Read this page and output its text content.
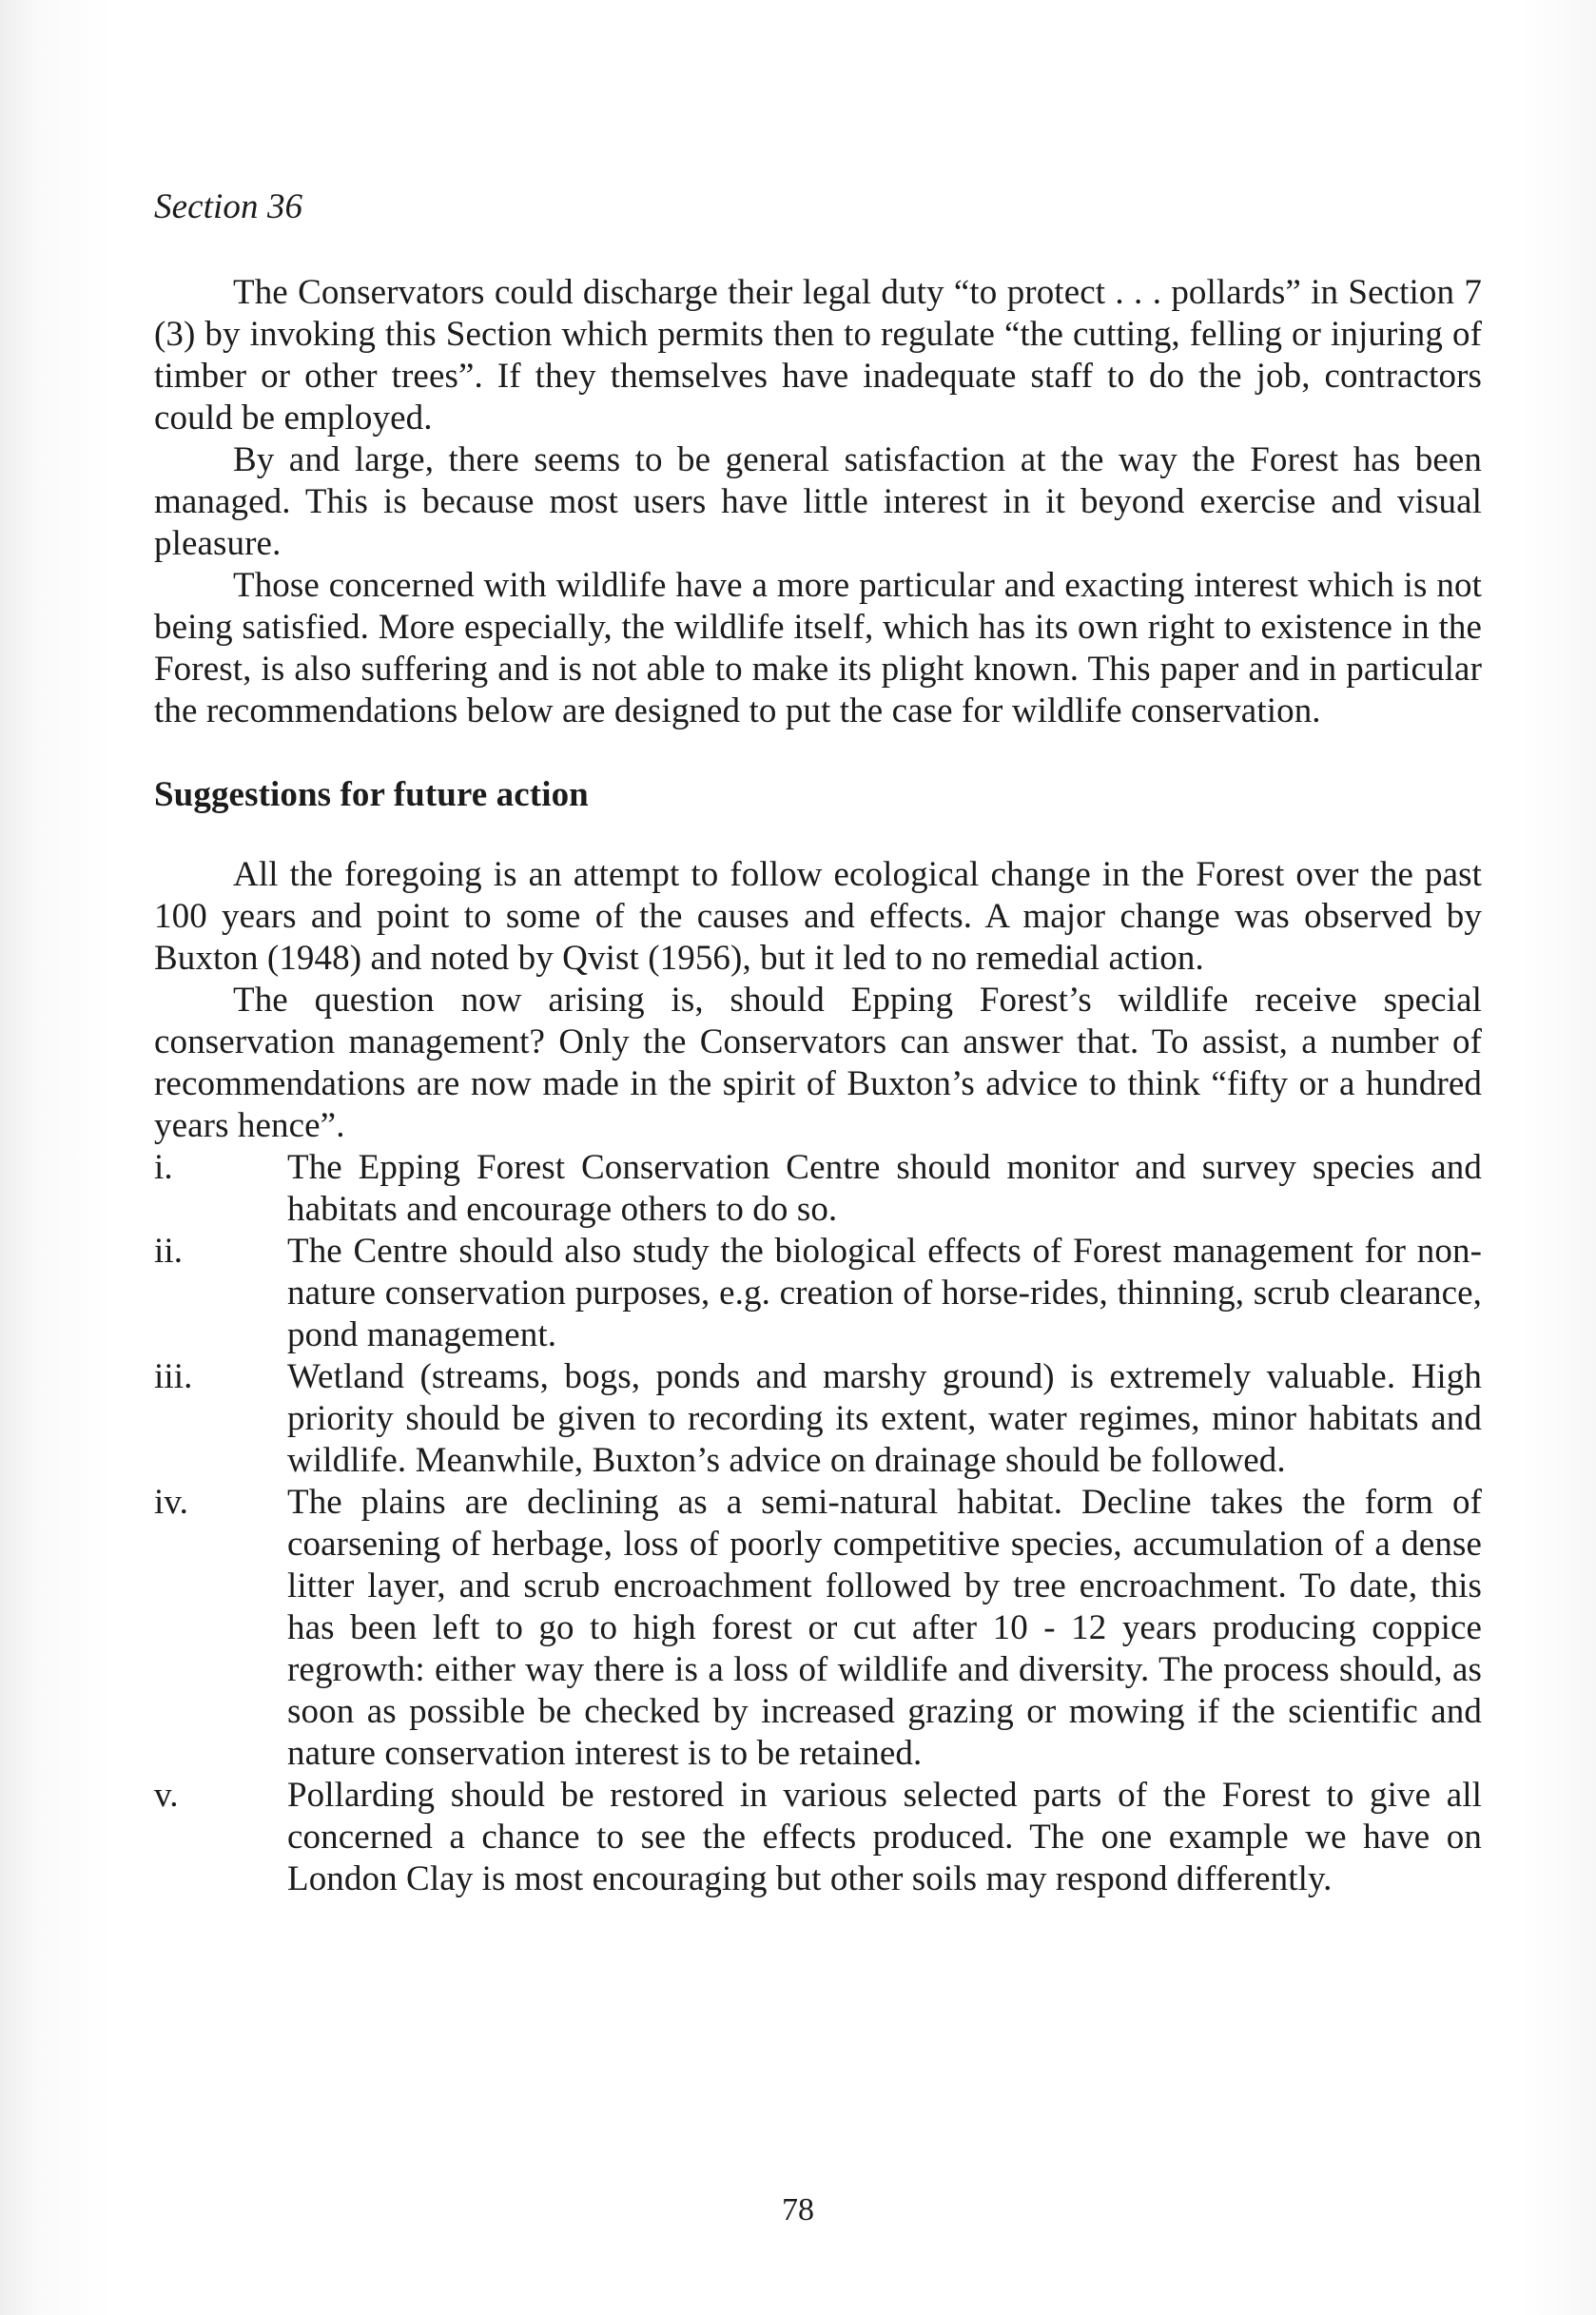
Section 36

The Conservators could discharge their legal duty “to protect . . . pollards” in Section 7 (3) by invoking this Section which permits then to regulate “the cutting, felling or injuring of timber or other trees”. If they themselves have inadequate staff to do the job, contractors could be employed.

By and large, there seems to be general satisfaction at the way the Forest has been managed. This is because most users have little interest in it beyond exercise and visual pleasure.

Those concerned with wildlife have a more particular and exacting interest which is not being satisfied. More especially, the wildlife itself, which has its own right to existence in the Forest, is also suffering and is not able to make its plight known. This paper and in particular the recommendations below are designed to put the case for wildlife conservation.

Suggestions for future action

All the foregoing is an attempt to follow ecological change in the Forest over the past 100 years and point to some of the causes and effects. A major change was observed by Buxton (1948) and noted by Qvist (1956), but it led to no remedial action.

The question now arising is, should Epping Forest’s wildlife receive special conservation management? Only the Conservators can answer that. To assist, a number of recommendations are now made in the spirit of Buxton’s advice to think “fifty or a hundred years hence”.

i.	The Epping Forest Conservation Centre should monitor and survey species and habitats and encourage others to do so.
ii.	The Centre should also study the biological effects of Forest management for non-nature conservation purposes, e.g. creation of horse-rides, thinning, scrub clearance, pond management.
iii.	Wetland (streams, bogs, ponds and marshy ground) is extremely valuable. High priority should be given to recording its extent, water regimes, minor habitats and wildlife. Meanwhile, Buxton’s advice on drainage should be followed.
iv.	The plains are declining as a semi-natural habitat. Decline takes the form of coarsening of herbage, loss of poorly competitive species, accumulation of a dense litter layer, and scrub encroachment followed by tree encroachment. To date, this has been left to go to high forest or cut after 10 - 12 years producing coppice regrowth: either way there is a loss of wildlife and diversity. The process should, as soon as possible be checked by increased grazing or mowing if the scientific and nature conservation interest is to be retained.
v.	Pollarding should be restored in various selected parts of the Forest to give all concerned a chance to see the effects produced. The one example we have on London Clay is most encouraging but other soils may respond differently.
78
